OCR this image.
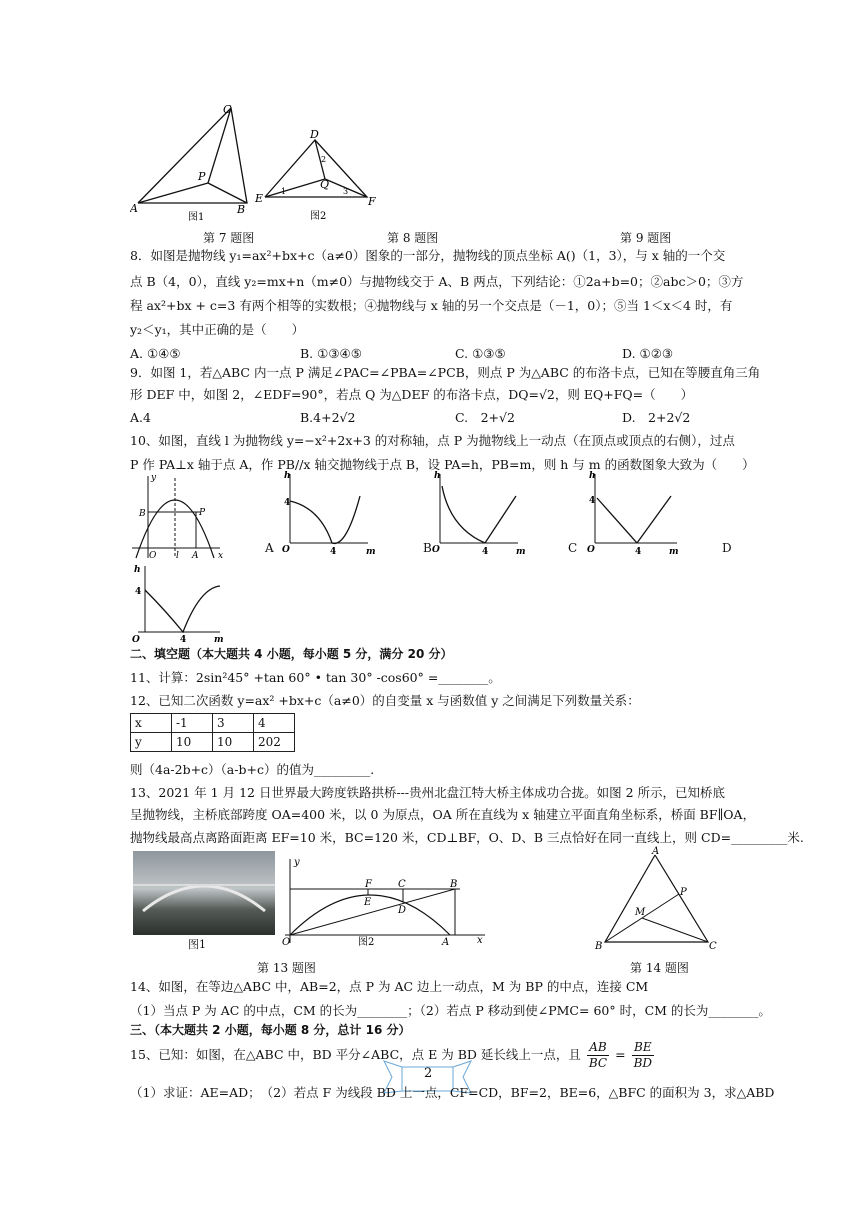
C
P
A	B
图1
D
Q
E	F
1
2
3
图2
第 7 题图	第 8 题图	第 9 题图
8．如图是抛物线 y₁=ax²+bx+c（a≠0）图象的一部分，抛物线的顶点坐标 A()（1，3），与 x 轴的一个交
点 B（4，0），直线 y₂=mx+n（m≠0）与抛物线交于 A、B 两点，下列结论：①2a+b=0；②abc＞0；③方
程 ax²+bx + c=3 有两个相等的实数根；④抛物线与 x 轴的另一个交点是（－1，0）；⑤当 1＜x＜4 时，有
y₂＜y₁，其中正确的是（　　）
A. ①④⑤	B. ①③④⑤	C. ①③⑤	D. ①②③
9．如图 1，若△ABC 内一点 P 满足∠PAC=∠PBA=∠PCB，则点 P 为△ABC 的布洛卡点，已知在等腰直角三角
形 DEF 中，如图 2，∠EDF=90°，若点 Q 为△DEF 的布洛卡点，DQ=√2，则 EQ+FQ=（　　）
A.4	B.4+2√2	C.　2+√2	D.　2+2√2
10、如图，直线 l 为抛物线 y=−x²+2x+3 的对称轴，点 P 为抛物线上一动点（在顶点或顶点的右侧），过点
P 作 PA⊥x 轴于点 A，作 PB//x 轴交抛物线于点 B，设 PA=h，PB=m，则 h 与 m 的函数图象大致为（　　）
y
x
B	P
O	A
l
h
4
O	4	m
A
h
O	4	m
B
h
4
O	4	m
C	D
h
4
O	4	m
二、填空题（本大题共 4 小题，每小题 5 分，满分 20 分）
11、计算：2sin²45° +tan 60° • tan 30° -cos60° =________。
12、已知二次函数 y=ax² +bx+c（a≠0）的自变量 x 与函数值 y 之间满足下列数量关系：
x	-1	3	4
y	10	10	202
则（4a-2b+c）（a-b+c）的值为_________.
13、2021 年 1 月 12 日世界最大跨度铁路拱桥---贵州北盘江特大桥主体成功合拢。如图 2 所示，已知桥底
呈抛物线，主桥底部跨度 OA=400 米，以 0 为原点，OA 所在直线为 x 轴建立平面直角坐标系，桥面 BF∥OA，
抛物线最高点离路面距离 EF=10 米，BC=120 米，CD⊥BF，O、D、B 三点恰好在同一直线上，则 CD=_________米.
图1
y
x
F	C	B
E
D
O	A
图2
A
P
M
B	C
第 13 题图	第 14 题图
14、如图，在等边△ABC 中，AB=2，点 P 为 AC 边上一动点，M 为 BP 的中点，连接 CM
（1）当点 P 为 AC 的中点，CM 的长为________；（2）若点 P 移动到使∠PMC= 60° 时，CM 的长为________。
三、（本大题共 2 小题，每小题 8 分，总计 16 分）
15、已知：如图，在△ABC 中，BD 平分∠ABC，点 E 为 BD 延长线上一点，且 $\frac{AB}{BC} = \frac{BE}{BD}$
2
（1）求证：AE=AD；　（2）若点 F 为线段 BD 上一点，CF=CD，BF=2，BE=6，△BFC 的面积为 3，求△ABD
